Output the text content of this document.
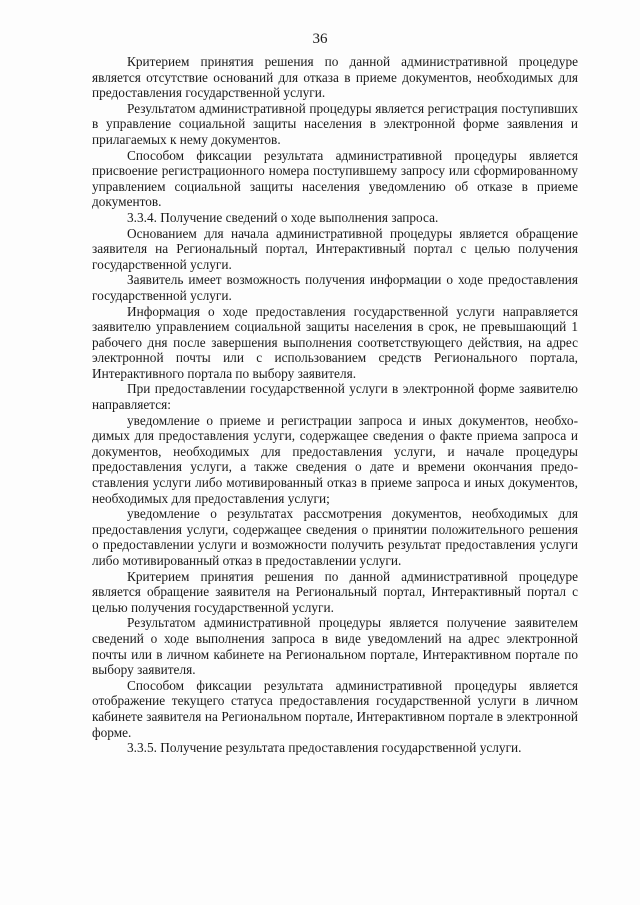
36

Критерием принятия решения по данной административной процедуре является отсутствие оснований для отказа в приеме документов, необходимых для предоставления государственной услуги.

Результатом административной процедуры является регистрация поступивших в управление социальной защиты населения в электронной форме заявления и прилагаемых к нему документов.

Способом фиксации результата административной процедуры является присвоение регистрационного номера поступившему запросу или сформированному управлением социальной защиты населения уведомлению об отказе в приеме документов.

3.3.4. Получение сведений о ходе выполнения запроса.

Основанием для начала административной процедуры является обращение заявителя на Региональный портал, Интерактивный портал с целью получения государственной услуги.

Заявитель имеет возможность получения информации о ходе предоставления государственной услуги.

Информация о ходе предоставления государственной услуги направляется заявителю управлением социальной защиты населения в срок, не превышающий 1 рабочего дня после завершения выполнения соответствующего действия, на адрес электронной почты или с использованием средств Регионального портала, Интерактивного портала по выбору заявителя.

При предоставлении государственной услуги в электронной форме заявителю направляется:

уведомление о приеме и регистрации запроса и иных документов, необходимых для предоставления услуги, содержащее сведения о факте приема запроса и документов, необходимых для предоставления услуги, и начале процедуры предоставления услуги, а также сведения о дате и времени окончания предоставления услуги либо мотивированный отказ в приеме запроса и иных документов, необходимых для предоставления услуги;

уведомление о результатах рассмотрения документов, необходимых для предоставления услуги, содержащее сведения о принятии положительного решения о предоставлении услуги и возможности получить результат предоставления услуги либо мотивированный отказ в предоставлении услуги.

Критерием принятия решения по данной административной процедуре является обращение заявителя на Региональный портал, Интерактивный портал с целью получения государственной услуги.

Результатом административной процедуры является получение заявителем сведений о ходе выполнения запроса в виде уведомлений на адрес электронной почты или в личном кабинете на Региональном портале, Интерактивном портале по выбору заявителя.

Способом фиксации результата административной процедуры является отображение текущего статуса предоставления государственной услуги в личном кабинете заявителя на Региональном портале, Интерактивном портале в электронной форме.

3.3.5. Получение результата предоставления государственной услуги.
